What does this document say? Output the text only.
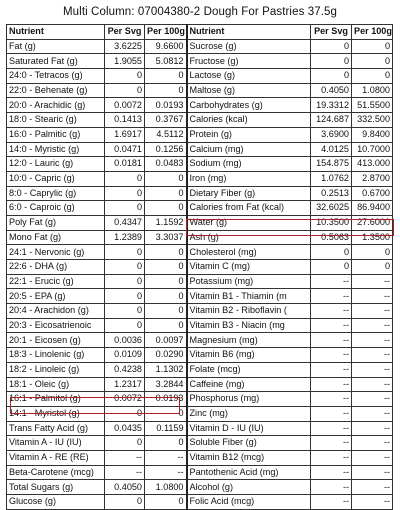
Multi Column: 07004380-2 Dough For Pastries 37.5g
Nutrient	Per Svg	Per 100g	Nutrient	Per Svg	Per 100g
Fat (g)	3.6225	9.6600	Sucrose (g)	0	0
Saturated Fat (g)	1.9055	5.0812	Fructose (g)	0	0
24:0 - Tetracos (g)	0	0	Lactose (g)	0	0
22:0 - Behenate (g)	0	0	Maltose (g)	0.4050	1.0800
20:0 - Arachidic (g)	0.0072	0.0193	Carbohydrates (g)	19.3312	51.5500
18:0 - Stearic (g)	0.1413	0.3767	Calories (kcal)	124.687	332.500
16:0 - Palmitic (g)	1.6917	4.5112	Protein (g)	3.6900	9.8400
14:0 - Myristic (g)	0.0471	0.1256	Calcium (mg)	4.0125	10.7000
12:0 - Lauric (g)	0.0181	0.0483	Sodium (mg)	154.875	413.000
10:0 - Capric (g)	0	0	Iron (mg)	1.0762	2.8700
8:0 - Caprylic (g)	0	0	Dietary Fiber (g)	0.2513	0.6700
6:0 - Caproic (g)	0	0	Calories from Fat (kcal)	32.6025	86.9400
Poly Fat (g)	0.4347	1.1592	Water (g)	10.3500	27.6000
Mono Fat (g)	1.2389	3.3037	Ash (g)	0.5063	1.3500
24:1 - Nervonic (g)	0	0	Cholesterol (mg)	0	0
22:6 - DHA (g)	0	0	Vitamin C (mg)	0	0
22:1 - Erucic (g)	0	0	Potassium (mg)	--	--
20:5 - EPA (g)	0	0	Vitamin B1 - Thiamin (m	--	--
20:4 - Arachidon (g)	0	0	Vitamin B2 - Riboflavin (	--	--
20:3 - Eicosatrienoic	0	0	Vitamin B3 - Niacin (mg	--	--
20:1 - Eicosen (g)	0.0036	0.0097	Magnesium (mg)	--	--
18:3 - Linolenic (g)	0.0109	0.0290	Vitamin B6 (mg)	--	--
18:2 - Linoleic (g)	0.4238	1.1302	Folate (mcg)	--	--
18:1 - Oleic (g)	1.2317	3.2844	Caffeine (mg)	--	--
16:1 - Palmitol (g)	0.0072	0.0193	Phosphorus (mg)	--	--
14:1 - Myristol (g)	0	0	Zinc (mg)	--	--
Trans Fatty Acid (g)	0.0435	0.1159	Vitamin D - IU (IU)	--	--
Vitamin A - IU (IU)	0	0	Soluble Fiber (g)	--	--
Vitamin A - RE (RE)	--	--	Vitamin B12 (mcg)	--	--
Beta-Carotene (mcg)	--	--	Pantothenic Acid (mg)	--	--
Total Sugars (g)	0.4050	1.0800	Alcohol (g)	--	--
Glucose (g)	0	0	Folic Acid (mcg)	--	--
